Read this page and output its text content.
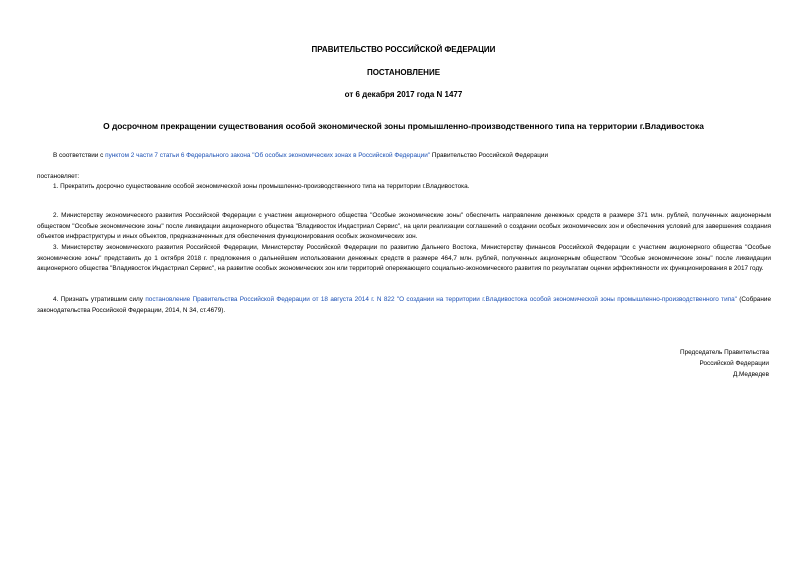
ПРАВИТЕЛЬСТВО РОССИЙСКОЙ ФЕДЕРАЦИИ
ПОСТАНОВЛЕНИЕ
от 6 декабря 2017 года N 1477
О досрочном прекращении существования особой экономической зоны промышленно-производственного типа на территории г.Владивостока
В соответствии с пунктом 2 части 7 статьи 6 Федерального закона "Об особых экономических зонах в Российской Федерации" Правительство Российской Федерации
постановляет:
1. Прекратить досрочно существование особой экономической зоны промышленно-производственного типа на территории г.Владивостока.
2. Министерству экономического развития Российской Федерации с участием акционерного общества "Особые экономические зоны" обеспечить направление денежных средств в размере 371 млн. рублей, полученных акционерным обществом "Особые экономические зоны" после ликвидации акционерного общества "Владивосток Индастриал Сервис", на цели реализации соглашений о создании особых экономических зон и обеспечения условий для завершения создания объектов инфраструктуры и иных объектов, предназначенных для обеспечения функционирования особых экономических зон.
3. Министерству экономического развития Российской Федерации, Министерству Российской Федерации по развитию Дальнего Востока, Министерству финансов Российской Федерации с участием акционерного общества "Особые экономические зоны" представить до 1 октября 2018 г. предложения о дальнейшем использовании денежных средств в размере 464,7 млн. рублей, полученных акционерным обществом "Особые экономические зоны" после ликвидации акционерного общества "Владивосток Индастриал Сервис", на развитие особых экономических зон или территорий опережающего социально-экономического развития по результатам оценки эффективности их функционирования в 2017 году.
4. Признать утратившим силу постановление Правительства Российской Федерации от 18 августа 2014 г. N 822 "О создании на территории г.Владивостока особой экономической зоны промышленно-производственного типа" (Собрание законодательства Российской Федерации, 2014, N 34, ст.4679).
Председатель Правительства
Российской Федерации
Д.Медведев
